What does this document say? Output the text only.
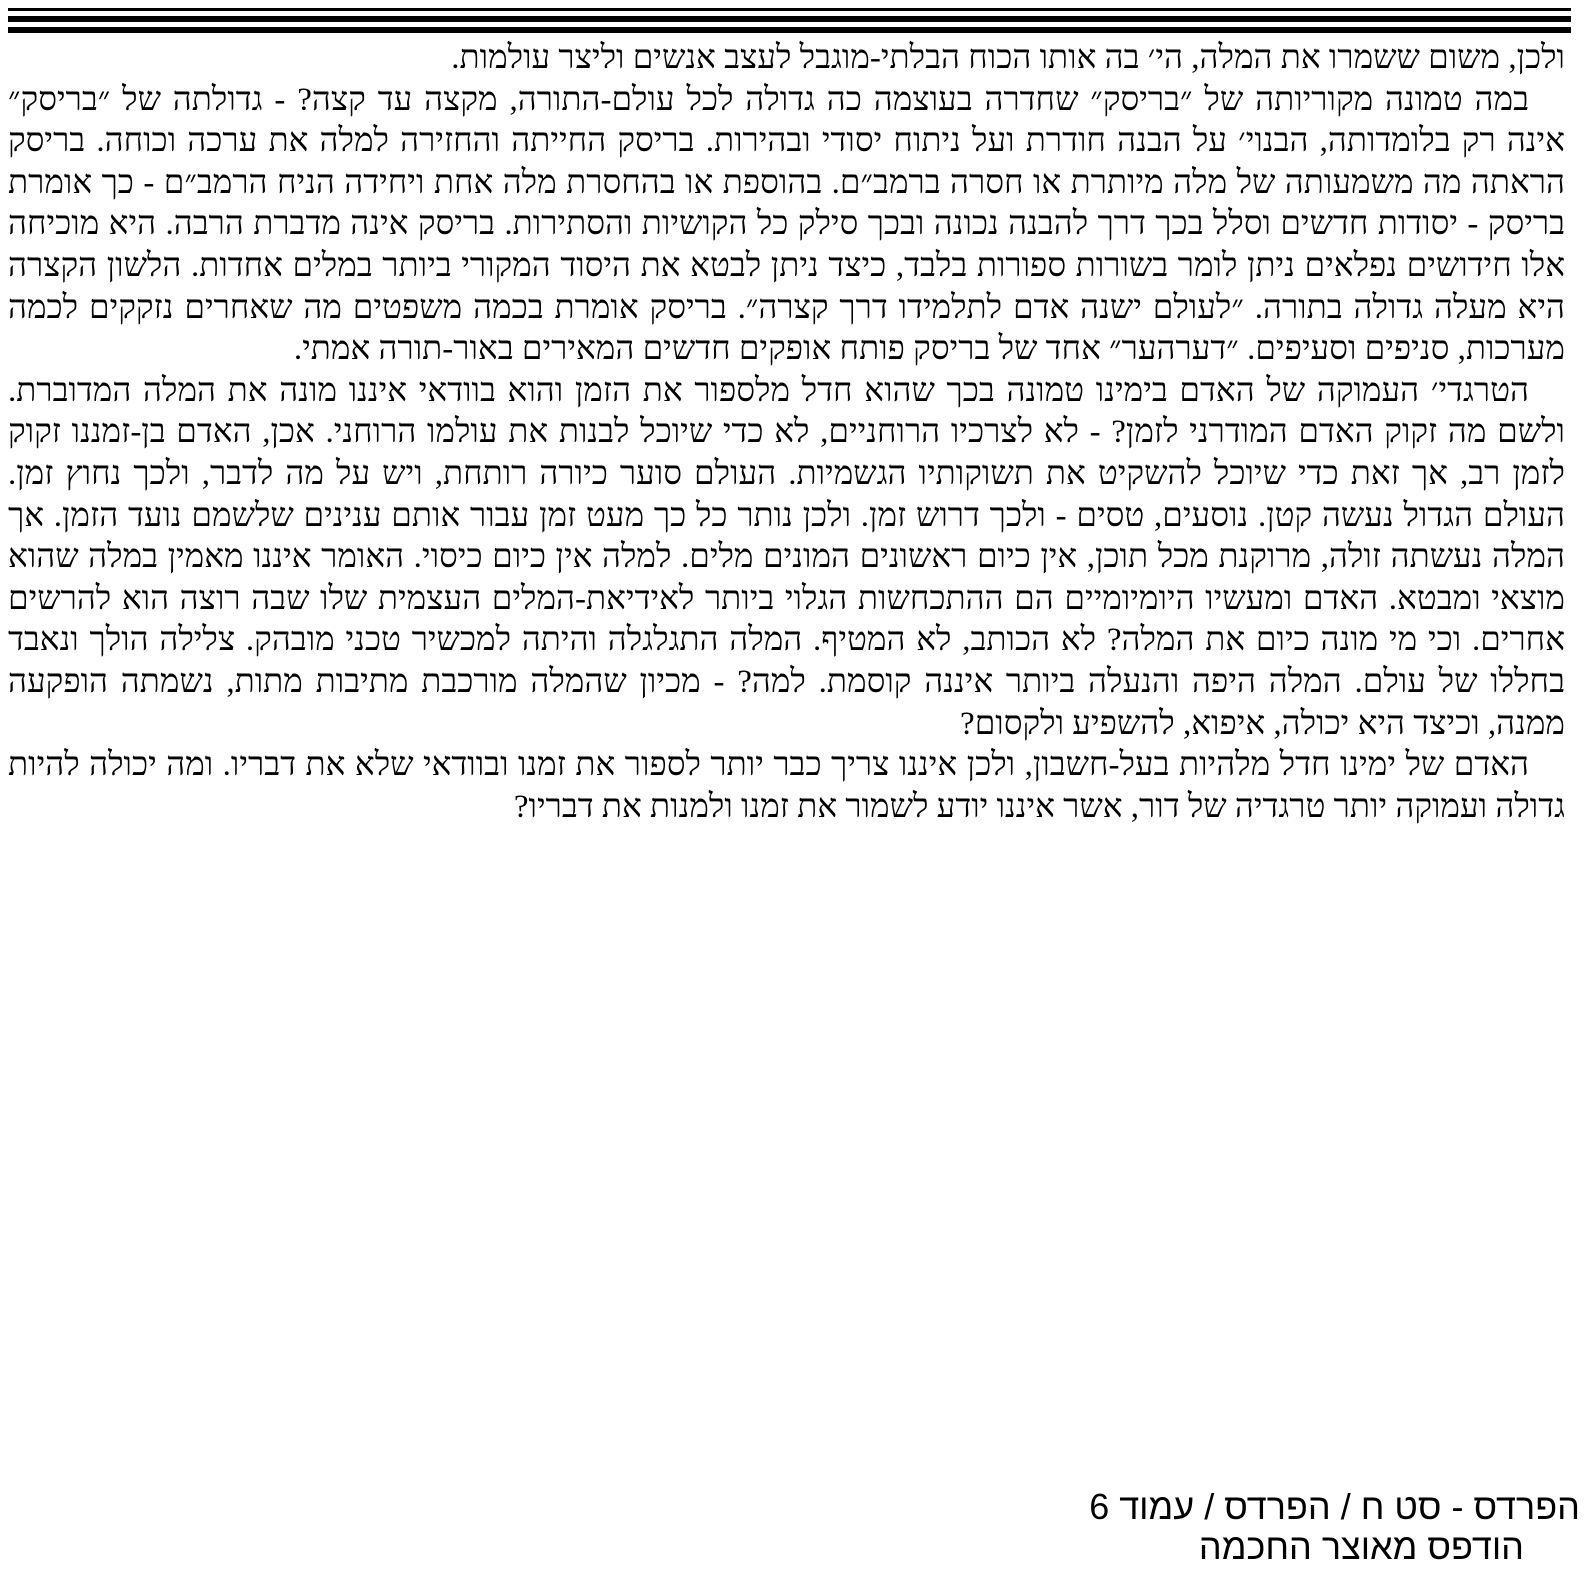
ולכן, משום ששמרו את המלה, הי׳ בה אותו הכוח הבלתי-מוגבל לעצב אנשים וליצר עולמות.

במה טמונה מקוריותה של ״בריסק״ שחדרה בעוצמה כה גדולה לכל עולם-התורה, מקצה עד קצה? - גדולתה של ״בריסק״ אינה רק בלומדותה, הבנוי׳ על הבנה חודרת ועל ניתוח יסודי ובהירות. בריסק החייתה והחזירה למלה את ערכה וכוחה. בריסק הראתה מה משמעותה של מלה מיותרת או חסרה ברמב״ם. בהוספת או בהחסרת מלה אחת ויחידה הניח הרמב״ם - כך אומרת בריסק - יסודות חדשים וסלל בכך דרך להבנה נכונה ובכך סילק כל הקושיות והסתירות. בריסק אינה מדברת הרבה. היא מוכיחה אלו חידושים נפלאים ניתן לומר בשורות ספורות בלבד, כיצד ניתן לבטא את היסוד המקורי ביותר במלים אחדות. הלשון הקצרה היא מעלה גדולה בתורה. ״לעולם ישנה אדם לתלמידו דרך קצרה״. בריסק אומרת בכמה משפטים מה שאחרים נזקקים לכמה מערכות, סניפים וסעיפים. ״דערהער״ אחד של בריסק פותח אופקים חדשים המאירים באור-תורה אמתי.

הטרגדי׳ העמוקה של האדם בימינו טמונה בכך שהוא חדל מלספור את הזמן והוא בוודאי איננו מונה את המלה המדוברת. ולשם מה זקוק האדם המודרני לזמן? - לא לצרכיו הרוחניים, לא כדי שיוכל לבנות את עולמו הרוחני. אכן, האדם בן-זמננו זקוק לזמן רב, אך זאת כדי שיוכל להשקיט את תשוקותיו הגשמיות. העולם סוער כיורה רותחת, ויש על מה לדבר, ולכך נחוץ זמן. העולם הגדול נעשה קטן. נוסעים, טסים - ולכך דרוש זמן. ולכן נותר כל כך מעט זמן עבור אותם ענינים שלשמם נועד הזמן. אך המלה נעשתה זולה, מרוקנת מכל תוכן, אין כיום ראשונים המונים מלים. למלה אין כיום כיסוי. האומר איננו מאמין במלה שהוא מוצאי ומבטא. האדם ומעשיו היומיומיים הם ההתכחשות הגלוי ביותר לאידיאת-המלים העצמית שלו שבה רוצה הוא להרשים אחרים. וכי מי מונה כיום את המלה? לא הכותב, לא המטיף. המלה התגלגלה והיתה למכשיר טכני מובהק. צלילה הולך ונאבד בחללו של עולם. המלה היפה והנעלה ביותר איננה קוסמת. למה? - מכיון שהמלה מורכבת מתיבות מתות, נשמתה הופקעה ממנה, וכיצד היא יכולה, איפוא, להשפיע ולקסום?

האדם של ימינו חדל מלהיות בעל-חשבון, ולכן איננו צריך כבר יותר לספור את זמנו ובוודאי שלא את דבריו. ומה יכולה להיות גדולה ועמוקה יותר טרגדיה של דור, אשר איננו יודע לשמור את זמנו ולמנות את דבריו?

הפרדס - סט ח / הפרדס / עמוד 6
הודפס מאוצר החכמה
